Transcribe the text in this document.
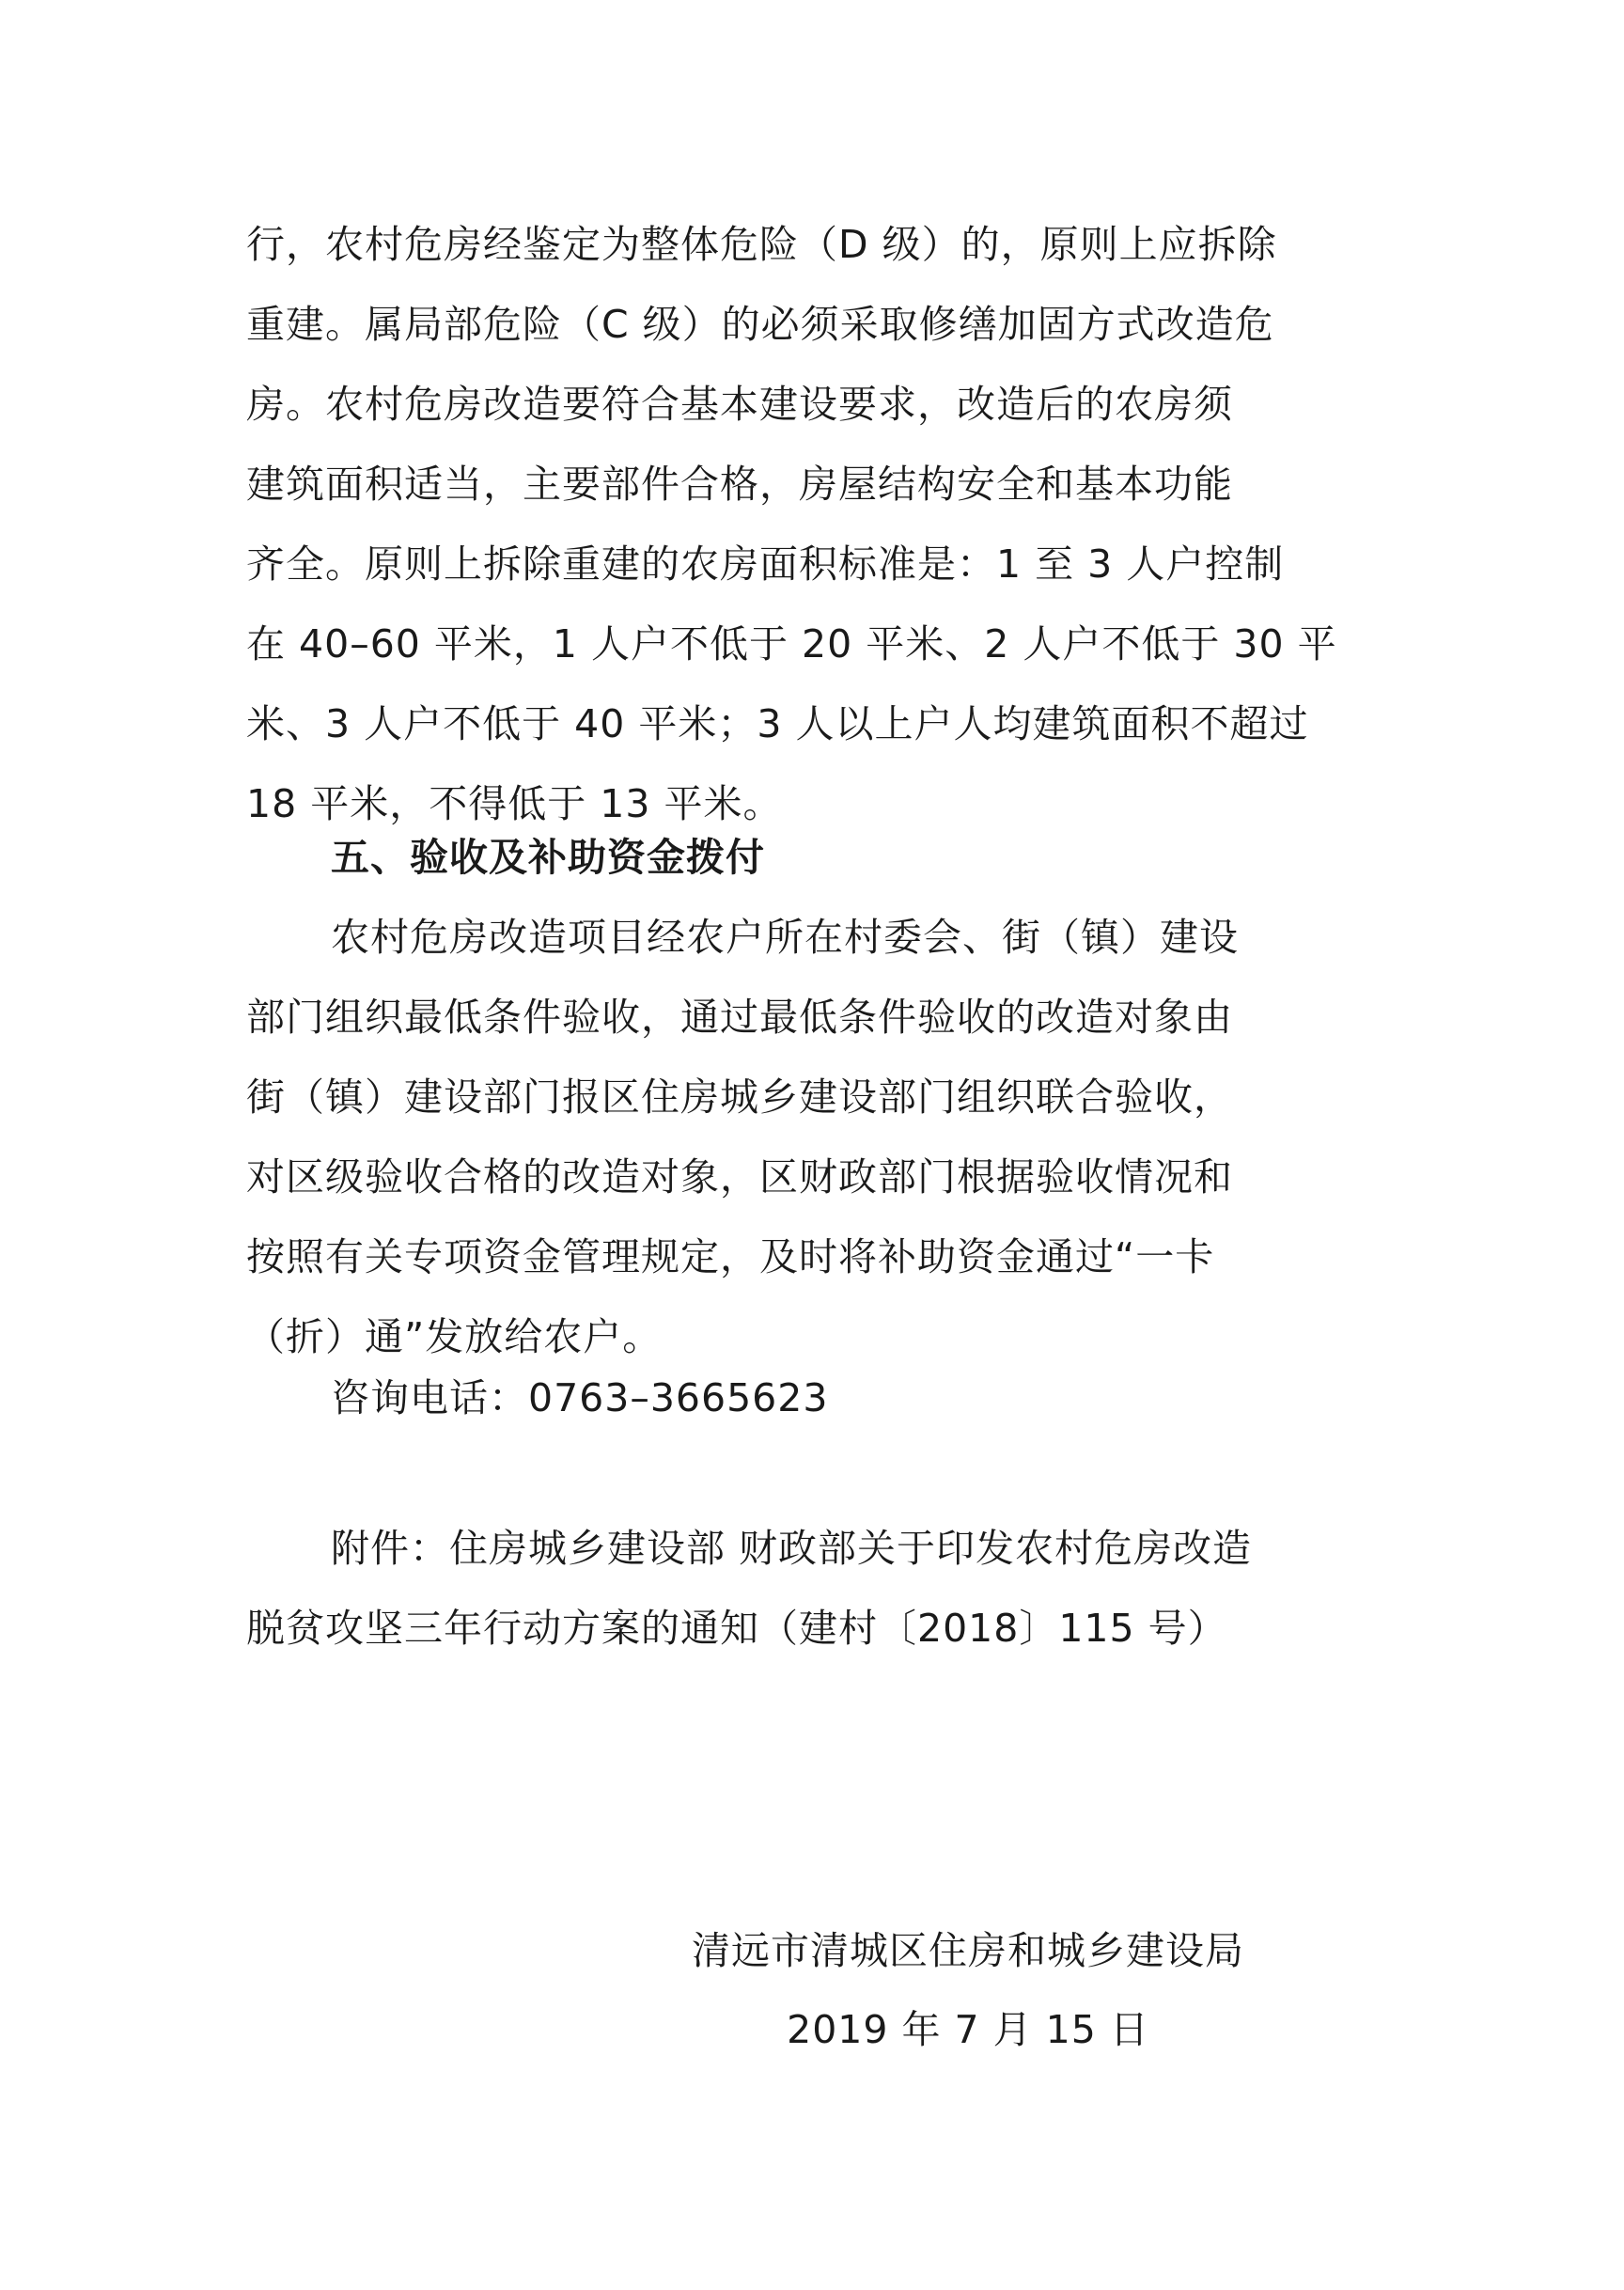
行，农村危房经鉴定为整体危险（D 级）的，原则上应拆除
重建。属局部危险（C 级）的必须采取修缮加固方式改造危
房。农村危房改造要符合基本建设要求，改造后的农房须
建筑面积适当，主要部件合格，房屋结构安全和基本功能
齐全。原则上拆除重建的农房面积标准是：1 至 3 人户控制
在 40–60 平米，1 人户不低于 20 平米、2 人户不低于 30 平
米、3 人户不低于 40 平米；3 人以上户人均建筑面积不超过
18 平米，不得低于 13 平米。
五、验收及补助资金拨付
农村危房改造项目经农户所在村委会、街（镇）建设
部门组织最低条件验收，通过最低条件验收的改造对象由
街（镇）建设部门报区住房城乡建设部门组织联合验收，
对区级验收合格的改造对象，区财政部门根据验收情况和
按照有关专项资金管理规定，及时将补助资金通过“一卡
（折）通”发放给农户。
咨询电话：0763–3665623
附件：住房城乡建设部 财政部关于印发农村危房改造
脱贫攻坚三年行动方案的通知（建村〔2018〕115 号）
清远市清城区住房和城乡建设局
2019 年 7 月 15 日
